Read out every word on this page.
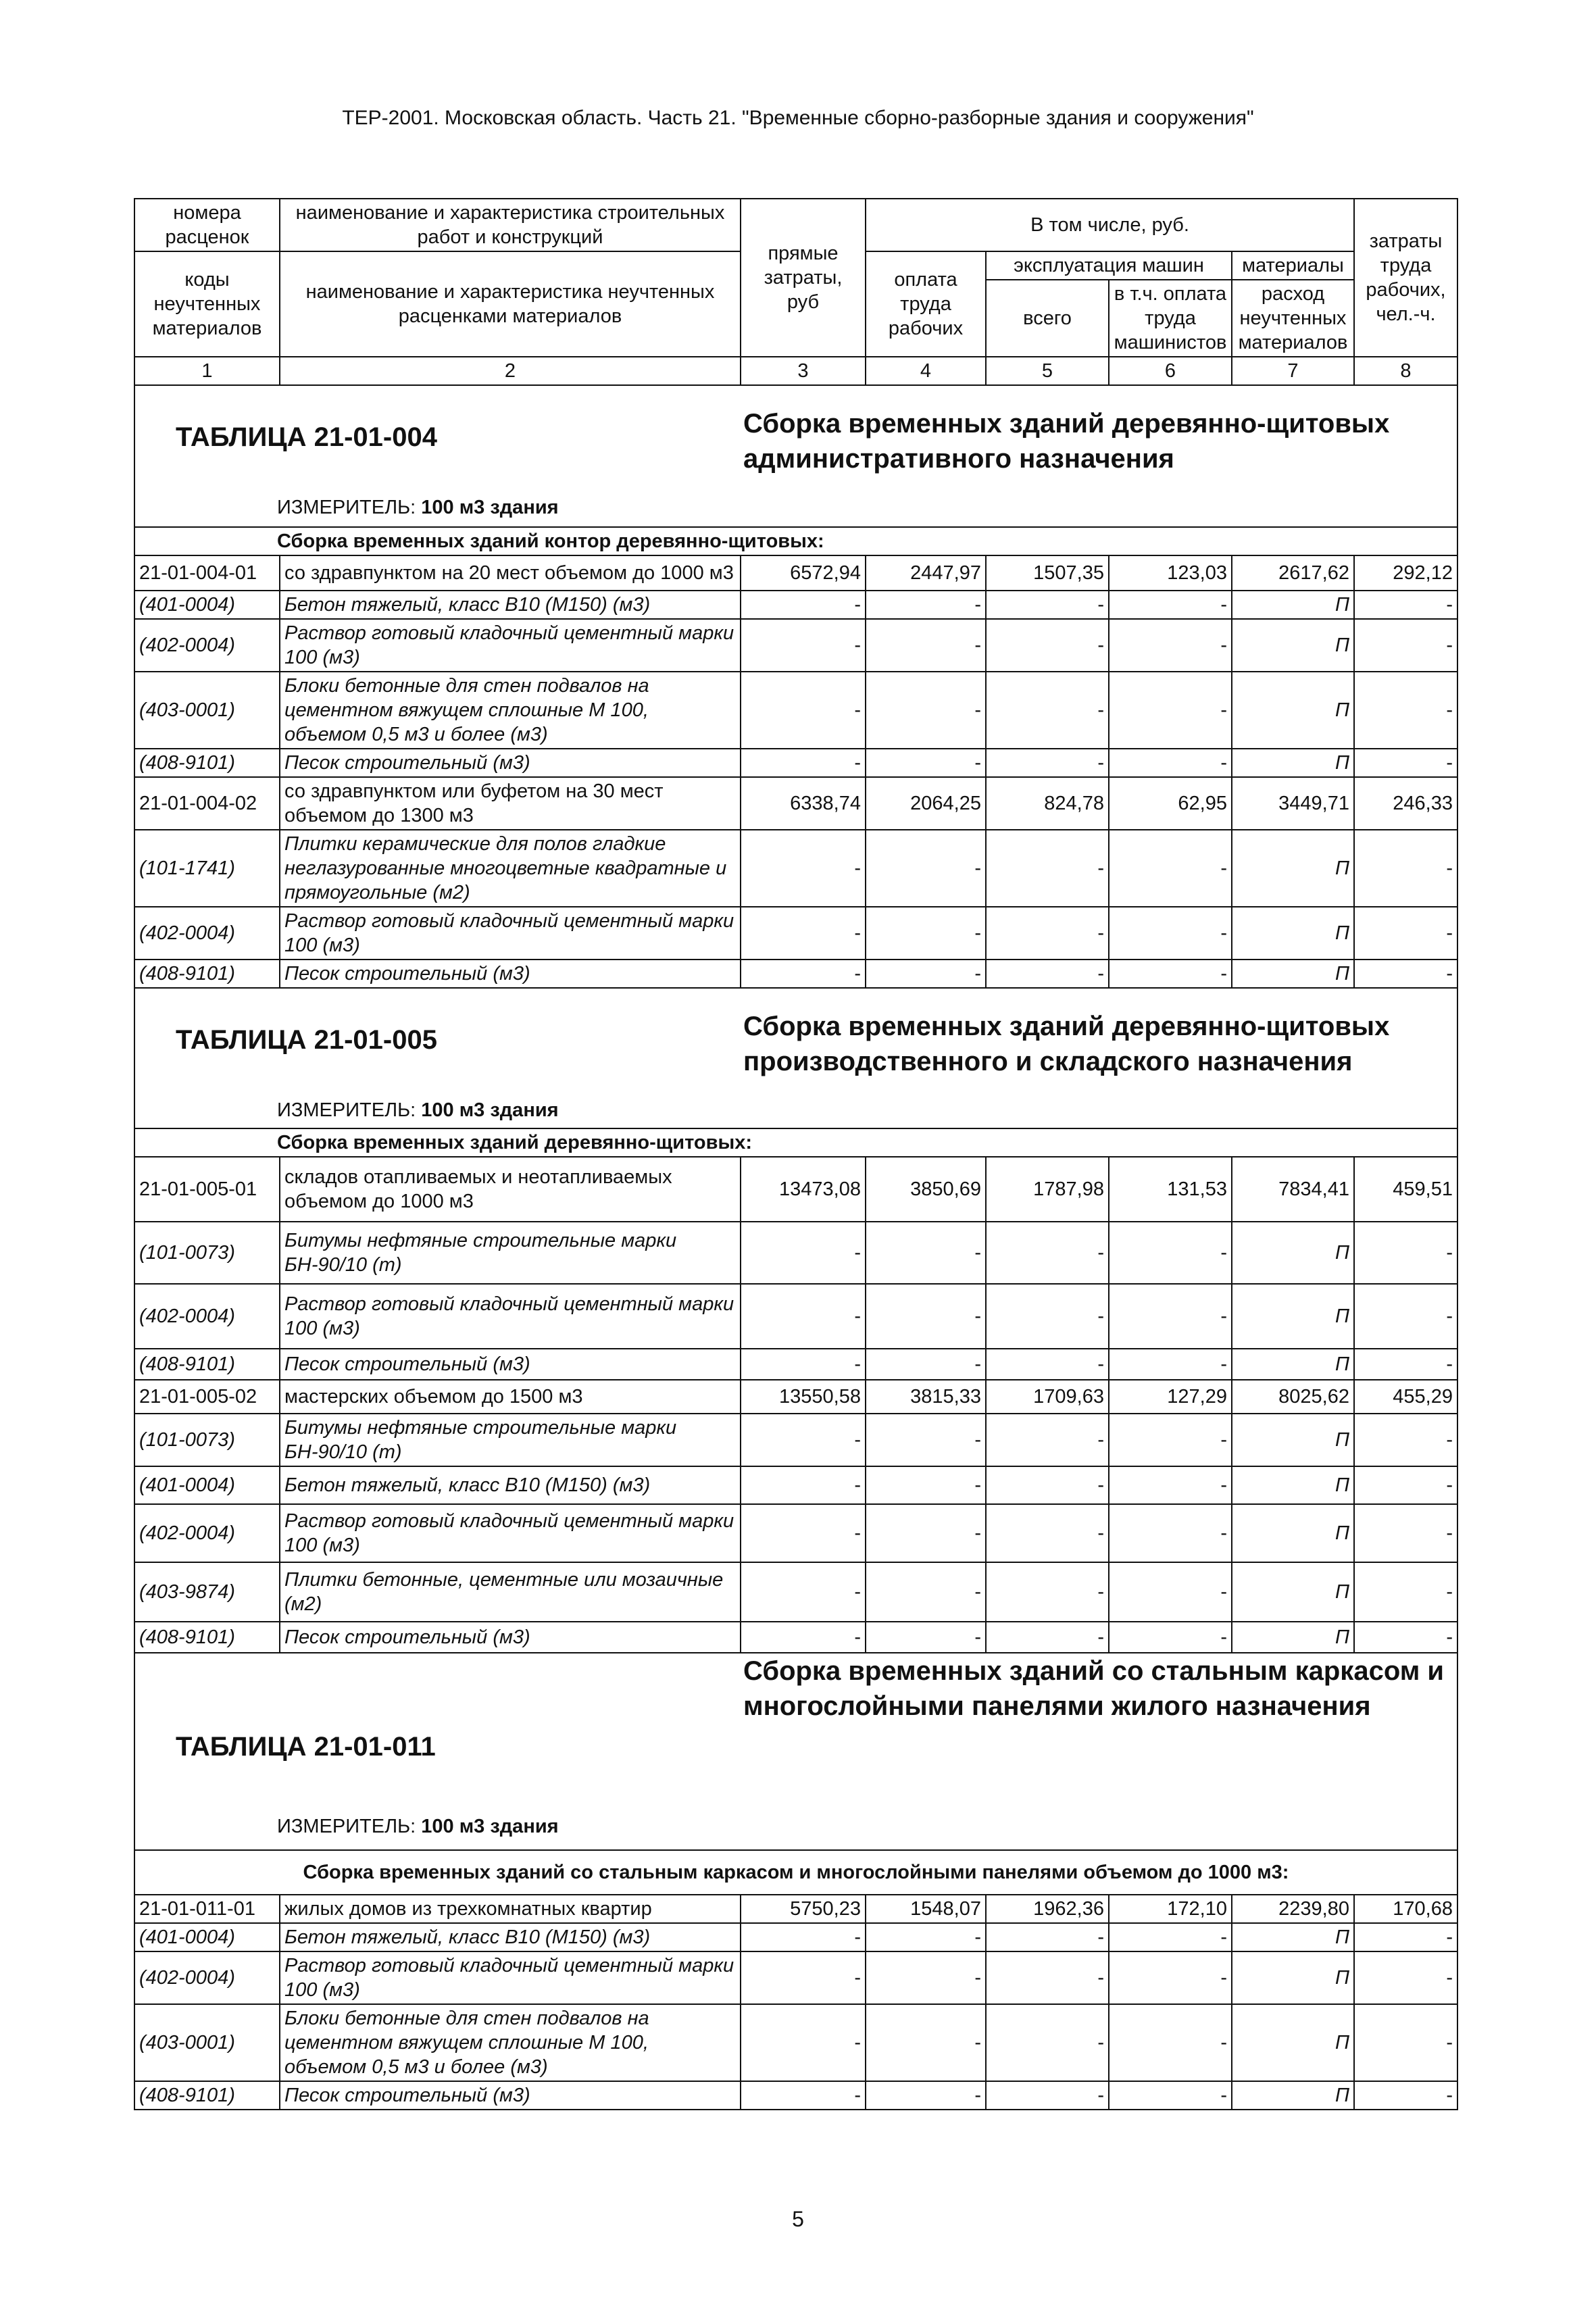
ТЕР-2001. Московская область. Часть 21. "Временные сборно-разборные здания и сооружения"
номера расценок	наименование и характеристика строительных работ и конструкций	прямые затраты, руб	В том числе, руб.				затраты труда рабочих, чел.-ч.
коды неучтенных материалов	наименование и характеристика неучтенных расценками материалов		оплата труда рабочих	эксплуатация машин		материалы	
				всего	в т.ч. оплата труда машинистов	расход неучтенных материалов	
1	2	3	4	5	6	7	8

ТАБЛИЦА 21-01-004 Сборка временных зданий деревянно-щитовых административного назначения
ИЗМЕРИТЕЛЬ: 100 м3 здания							

Сборка временных зданий контор деревянно-щитовых:							
21-01-004-01	со здравпунктом на 20 мест объемом до 1000 м3	6572,94	2447,97	1507,35	123,03	2617,62	292,12
(401-0004)	Бетон тяжелый, класс В10 (М150) (м3)	-	-	-	-	П	-
(402-0004)	Раствор готовый кладочный цементный марки 100 (м3)	-	-	-	-	П	-
(403-0001)	Блоки бетонные для стен подвалов на цементном вяжущем сплошные М 100, объемом 0,5 м3 и более (м3)	-	-	-	-	П	-
(408-9101)	Песок строительный (м3)	-	-	-	-	П	-
21-01-004-02	со здравпунктом или буфетом на 30 мест объемом до 1300 м3	6338,74	2064,25	824,78	62,95	3449,71	246,33
(101-1741)	Плитки керамические для полов гладкие неглазурованные многоцветные квадратные и прямоугольные (м2)	-	-	-	-	П	-
(402-0004)	Раствор готовый кладочный цементный марки 100 (м3)	-	-	-	-	П	-
(408-9101)	Песок строительный (м3)	-	-	-	-	П	-

ТАБЛИЦА 21-01-005 Сборка временных зданий деревянно-щитовых производственного и складского назначения
ИЗМЕРИТЕЛЬ: 100 м3 здания							

Сборка временных зданий деревянно-щитовых:							
21-01-005-01	складов отапливаемых и неотапливаемых объемом до 1000 м3	13473,08	3850,69	1787,98	131,53	7834,41	459,51
(101-0073)	Битумы нефтяные строительные марки БН-90/10 (т)	-	-	-	-	П	-
(402-0004)	Раствор готовый кладочный цементный марки 100 (м3)	-	-	-	-	П	-
(408-9101)	Песок строительный (м3)	-	-	-	-	П	-
21-01-005-02	мастерских объемом до 1500 м3	13550,58	3815,33	1709,63	127,29	8025,62	455,29
(101-0073)	Битумы нефтяные строительные марки БН-90/10 (т)	-	-	-	-	П	-
(401-0004)	Бетон тяжелый, класс В10 (М150) (м3)	-	-	-	-	П	-
(402-0004)	Раствор готовый кладочный цементный марки 100 (м3)	-	-	-	-	П	-
(403-9874)	Плитки бетонные, цементные или мозаичные (м2)	-	-	-	-	П	-
(408-9101)	Песок строительный (м3)	-	-	-	-	П	-

ТАБЛИЦА 21-01-011
Сборка временных зданий со стальным каркасом и многослойными панелями жилого назначения
ИЗМЕРИТЕЛЬ: 100 м3 здания							

Сборка временных зданий со стальным каркасом и многослойными панелями объемом до 1000 м3:							
21-01-011-01	жилых домов из трехкомнатных квартир	5750,23	1548,07	1962,36	172,10	2239,80	170,68
(401-0004)	Бетон тяжелый, класс В10 (М150) (м3)	-	-	-	-	П	-
(402-0004)	Раствор готовый кладочный цементный марки 100 (м3)	-	-	-	-	П	-
(403-0001)	Блоки бетонные для стен подвалов на цементном вяжущем сплошные М 100, объемом 0,5 м3 и более (м3)	-	-	-	-	П	-
(408-9101)	Песок строительный (м3)	-	-	-	-	П	-
5
